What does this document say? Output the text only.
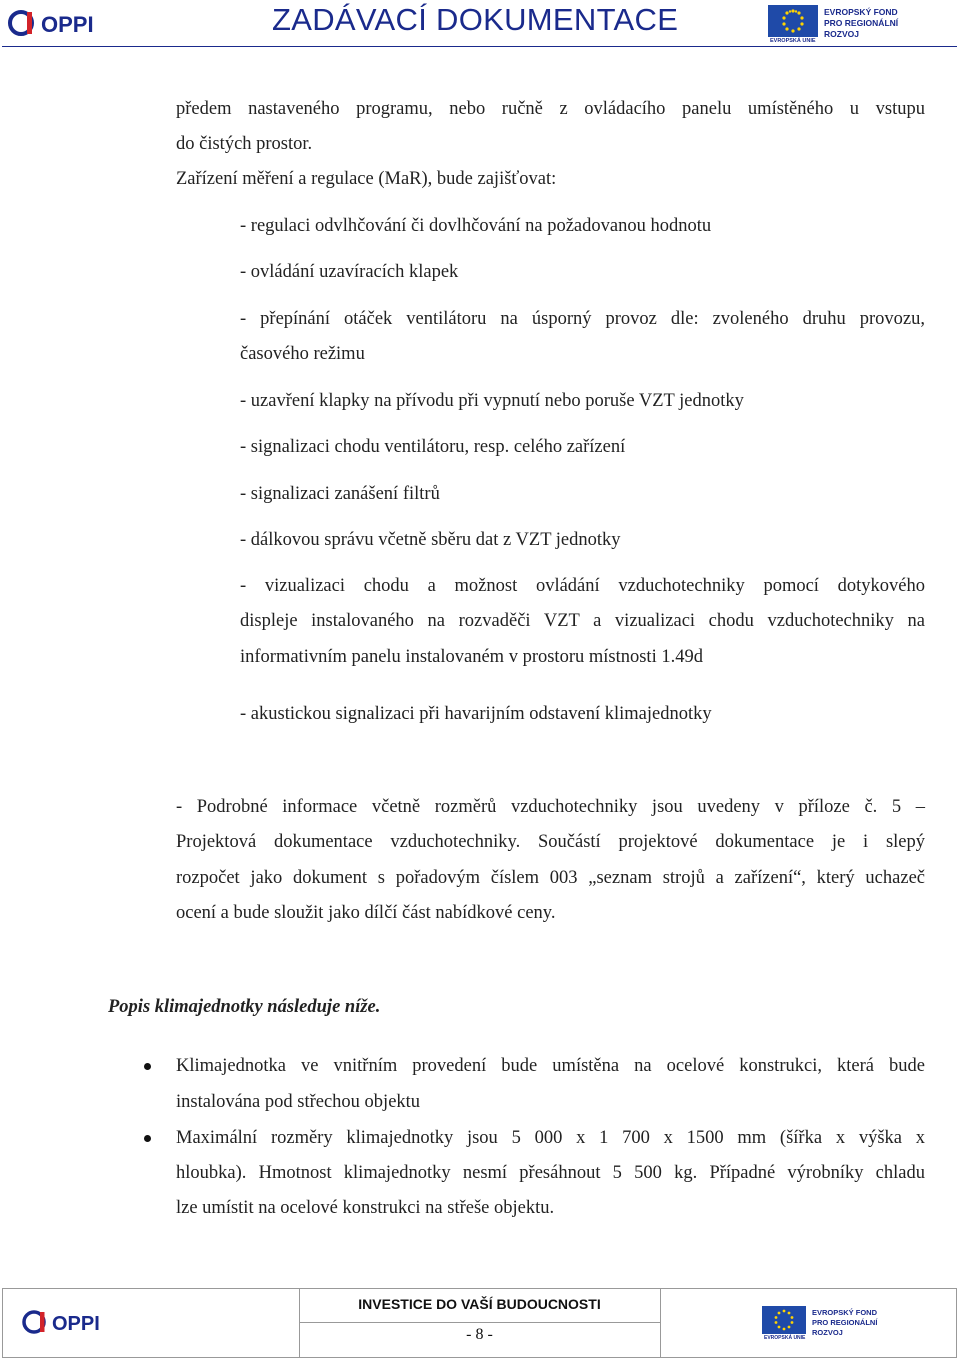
OPPI	ZADÁVACÍ DOKUMENTACE
EVROPSKÁ UNIE
EVROPSKÝ FOND
PRO REGIONÁLNÍ
ROZVOJ
předem nastaveného programu, nebo ručně z ovládacího panelu umístěného u vstupu
do čistých prostor.
Zařízení měření a regulace (MaR), bude zajišťovat:
- regulaci odvlhčování či dovlhčování na požadovanou hodnotu
- ovládání uzavíracích klapek
- přepínání otáček ventilátoru na úsporný provoz dle: zvoleného druhu provozu,
časového režimu
- uzavření klapky na přívodu při vypnutí nebo poruše VZT jednotky
- signalizaci chodu ventilátoru, resp. celého zařízení
- signalizaci zanášení filtrů
- dálkovou správu včetně sběru dat z VZT jednotky
- vizualizaci chodu a možnost ovládání vzduchotechniky pomocí dotykového
displeje instalovaného na rozvaděči VZT a vizualizaci chodu vzduchotechniky na
informativním panelu instalovaném v prostoru místnosti 1.49d
- akustickou signalizaci při havarijním odstavení klimajednotky
- Podrobné informace včetně rozměrů vzduchotechniky jsou uvedeny v příloze č. 5 –
Projektová dokumentace vzduchotechniky. Součástí projektové dokumentace je i slepý
rozpočet jako dokument s pořadovým číslem 003 „seznam strojů a zařízení“, který uchazeč
ocení a bude sloužit jako dílčí část nabídkové ceny.
Popis klimajednotky následuje níže.
Klimajednotka ve vnitřním provedení bude umístěna na ocelové konstrukci, která bude
instalována pod střechou objektu
Maximální rozměry klimajednotky jsou 5 000 x 1 700 x 1500 mm (šířka x výška x
hloubka). Hmotnost klimajednotky nesmí přesáhnout 5 500 kg. Případné výrobníky chladu
lze umístit na ocelové konstrukci na střeše objektu.
OPPI
INVESTICE DO VAŠÍ BUDOUCNOSTI
- 8 -	EVROPSKÁ UNIE
EVROPSKÝ FOND
PRO REGIONÁLNÍ
ROZVOJ
